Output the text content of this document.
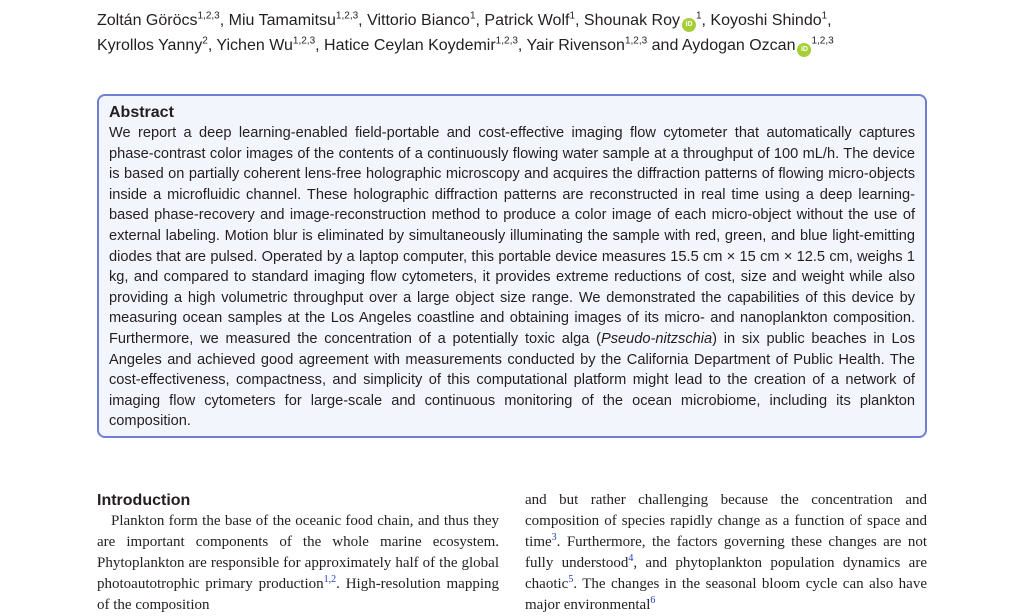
Zoltán Göröcs$^{1,2,3}$, Miu Tamamitsu$^{1,2,3}$, Vittorio Bianco$^1$, Patrick Wolf$^1$, Shounak Roy $iD^1$, Koyoshi Shindo$^1$, Kyrollos Yanny$^2$, Yichen Wu$^{1,2,3}$, Hatice Ceylan Koydemir$^{1,2,3}$, Yair Rivenson$^{1,2,3}$ and Aydogan Ozcan iD$^{1,2,3}$
Abstract
We report a deep learning-enabled field-portable and cost-effective imaging flow cytometer that automatically captures phase-contrast color images of the contents of a continuously flowing water sample at a throughput of 100 mL/h. The device is based on partially coherent lens-free holographic microscopy and acquires the diffraction patterns of flowing micro-objects inside a microfluidic channel. These holographic diffraction patterns are reconstructed in real time using a deep learning-based phase-recovery and image-reconstruction method to produce a color image of each micro-object without the use of external labeling. Motion blur is eliminated by simultaneously illuminating the sample with red, green, and blue light-emitting diodes that are pulsed. Operated by a laptop computer, this portable device measures 15.5 cm × 15 cm × 12.5 cm, weighs 1 kg, and compared to standard imaging flow cytometers, it provides extreme reductions of cost, size and weight while also providing a high volumetric throughput over a large object size range. We demonstrated the capabilities of this device by measuring ocean samples at the Los Angeles coastline and obtaining images of its micro- and nanoplankton composition. Furthermore, we measured the concentration of a potentially toxic alga (Pseudo-nitzschia) in six public beaches in Los Angeles and achieved good agreement with measurements conducted by the California Department of Public Health. The cost-effectiveness, compactness, and simplicity of this computational platform might lead to the creation of a network of imaging flow cytometers for large-scale and continuous monitoring of the ocean microbiome, including its plankton composition.
Introduction
Plankton form the base of the oceanic food chain, and thus they are important components of the whole marine ecosystem. Phytoplankton are responsible for approximately half of the global photoautotrophic primary production$^{1,2}$. High-resolution mapping of the composition
and but rather challenging because the concentration and composition of species rapidly change as a function of space and time$^3$. Furthermore, the factors governing these changes are not fully understood$^4$, and phytoplankton population dynamics are chaotic$^5$. The changes in the seasonal bloom cycle can also have major environmental$^6$
